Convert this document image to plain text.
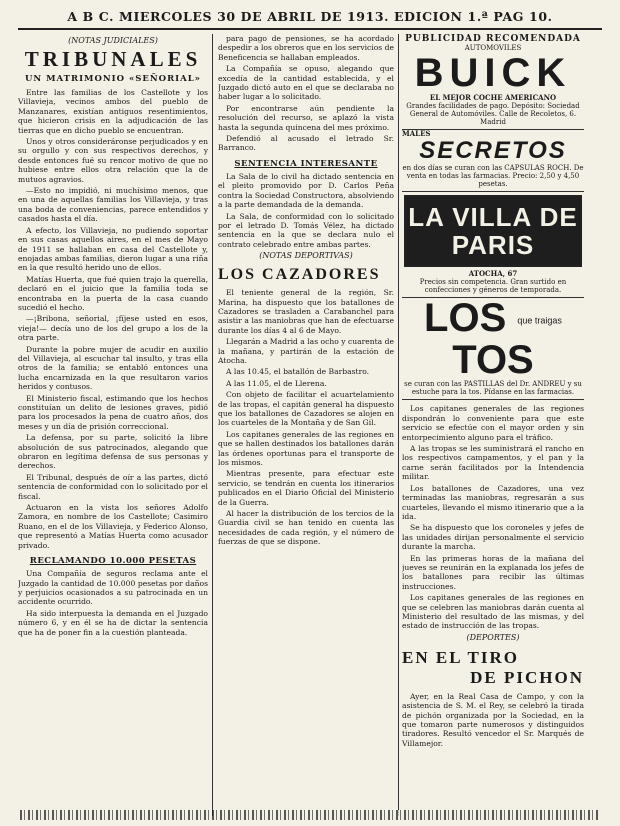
A B C. MIERCOLES 30 DE ABRIL DE 1913. EDICION 1.ª PAG 10.
(NOTAS JUDICIALES)
TRIBUNALES
UN MATRIMONIO «SEÑORIAL»

Entre las familias de los Castellote y los Villavieja, vecinos ambos del pueblo de Manzanares, existían antiguos resentimientos, que hicieron crisis en la adjudicación de las tierras que en dicho pueblo se encuentran.

Unos y otros consideráronse perjudicados y en su orgullo y con sus respectivos derechos, y desde entonces fué su rencor motivo de que no hubiese entre ellos otra relación que la de mutuos agravios.

—Esto no impidió, ni muchísimo menos, que en una de aquellas familias los Villavieja, y tras una boda de conveniencias, parece entendidos y casados hasta el día.

A efecto, los Villavieja, no pudiendo soportar en sus casas aquellos aires, en el mes de Mayo de 1911 se hallaban en casa del Castellote y, enojadas ambas familias, dieron lugar a una riña en la que resultó herido uno de ellos.

Matías Huerta, que fué quien trajo la querella, declaró en el juicio que la familia toda se encontraba en la puerta de la casa cuando sucedió el hecho.

—¡Bribona, señorial, ¡fíjese usted en esos, vieja!— decía uno de los del grupo a los de la otra parte.

Durante la pobre mujer de acudir en auxilio del Villavieja, al escuchar tal insulto, y tras ella otros de la familia; se entabló entonces una lucha encarnizada en la que resultaron varios heridos y contusos.

El Ministerio fiscal, estimando que los hechos constituían un delito de lesiones graves, pidió para los procesados la pena de cuatro años, dos meses y un día de prisión correccional.

La defensa, por su parte, solicitó la libre absolución de sus patrocinados, alegando que obraron en legítima defensa de sus personas y derechos.

El Tribunal, después de oír a las partes, dictó sentencia de conformidad con lo solicitado por el fiscal.

Actuaron en la vista los señores Adolfo Zamora, en nombre de los Castellote; Casimiro Ruano, en el de los Villavieja, y Federico Alonso, que representó a Matías Huerta como acusador privado.

RECLAMANDO 10.000 PESETAS

Una Compañía de seguros reclama ante el Juzgado la cantidad de 10.000 pesetas por daños y perjuicios ocasionados a su patrocinada en un accidente ocurrido.

Ha sido interpuesta la demanda en el Juzgado número 6, y en él se ha de dictar la sentencia que ha de poner fin a la cuestión planteada.

para pago de pensiones, se ha acordado despedir a los obreros que en los servicios de Beneficencia se hallaban empleados.

La Compañía se opuso, alegando que excedía de la cantidad establecida, y el Juzgado dictó auto en el que se declaraba no haber lugar a lo solicitado.

Por encontrarse aún pendiente la resolución del recurso, se aplazó la vista hasta la segunda quincena del mes próximo.

Defendió al acusado el letrado Sr. Barranco.

SENTENCIA INTERESANTE

La Sala de lo civil ha dictado sentencia en el pleito promovido por D. Carlos Peña contra la Sociedad Constructora, absolviendo a la parte demandada de la demanda.

La Sala, de conformidad con lo solicitado por el letrado D. Tomás Vélez, ha dictado sentencia en la que se declara nulo el contrato celebrado entre ambas partes.

(NOTAS DEPORTIVAS)
LOS CAZADORES

El teniente general de la región, Sr. Marina, ha dispuesto que los batallones de Cazadores se trasladen a Carabanchel para asistir a las maniobras que han de efectuarse durante los días 4 al 6 de Mayo.

Llegarán a Madrid a las ocho y cuarenta de la mañana, y partirán de la estación de Atocha.

A las 10.45, el batallón de Barbastro.

A las 11.05, el de Llerena.

Con objeto de facilitar el acuartelamiento de las tropas, el capitán general ha dispuesto que los batallones de Cazadores se alojen en los cuarteles de la Montaña y de San Gil.

Los capitanes generales de las regiones en que se hallen destinados los batallones darán las órdenes oportunas para el transporte de los mismos.

Mientras presente, para efectuar este servicio, se tendrán en cuenta los itinerarios publicados en el Diario Oficial del Ministerio de la Guerra.

Al hacer la distribución de los tercios de la Guardia civil se han tenido en cuenta las necesidades de cada región, y el número de fuerzas de que se dispone.

PUBLICIDAD RECOMENDADA
AUTOMOVILES
BUICK
EL MEJOR COCHE AMERICANO
Grandes facilidades de pago. Depósito: Sociedad General de Automóviles. Calle de Recoletos, 6. Madrid
MALES
SECRETOS
en dos días se curan con las CAPSULAS ROCH. De venta en todas las farmacias. Precio: 2,50 y 4,50 pesetas.
LA VILLA DE PARIS
ATOCHA, 67
Precios sin competencia. Gran surtido en confecciones y géneros de temporada.
LOS que traigas TOS
se curan con las PASTILLAS del Dr. ANDREU y su estuche para la tos. Pídanse en las farmacias.

Los capitanes generales de las regiones dispondrán lo conveniente para que este servicio se efectúe con el mayor orden y sin entorpecimiento alguno para el tráfico.

A las tropas se les suministrará el rancho en los respectivos campamentos, y el pan y la carne serán facilitados por la Intendencia militar.

Los batallones de Cazadores, una vez terminadas las maniobras, regresarán a sus cuarteles, llevando el mismo itinerario que a la ida.

Se ha dispuesto que los coroneles y jefes de las unidades dirijan personalmente el servicio durante la marcha.

En las primeras horas de la mañana del jueves se reunirán en la explanada los jefes de los batallones para recibir las últimas instrucciones.

Los capitanes generales de las regiones en que se celebren las maniobras darán cuenta al Ministerio del resultado de las mismas, y del estado de instrucción de las tropas.

(DEPORTES)
EN EL TIRO
DE PICHON

Ayer, en la Real Casa de Campo, y con la asistencia de S. M. el Rey, se celebró la tirada de pichón organizada por la Sociedad, en la que tomaron parte numerosos y distinguidos tiradores. Resultó vencedor el Sr. Marqués de Villamejor.
